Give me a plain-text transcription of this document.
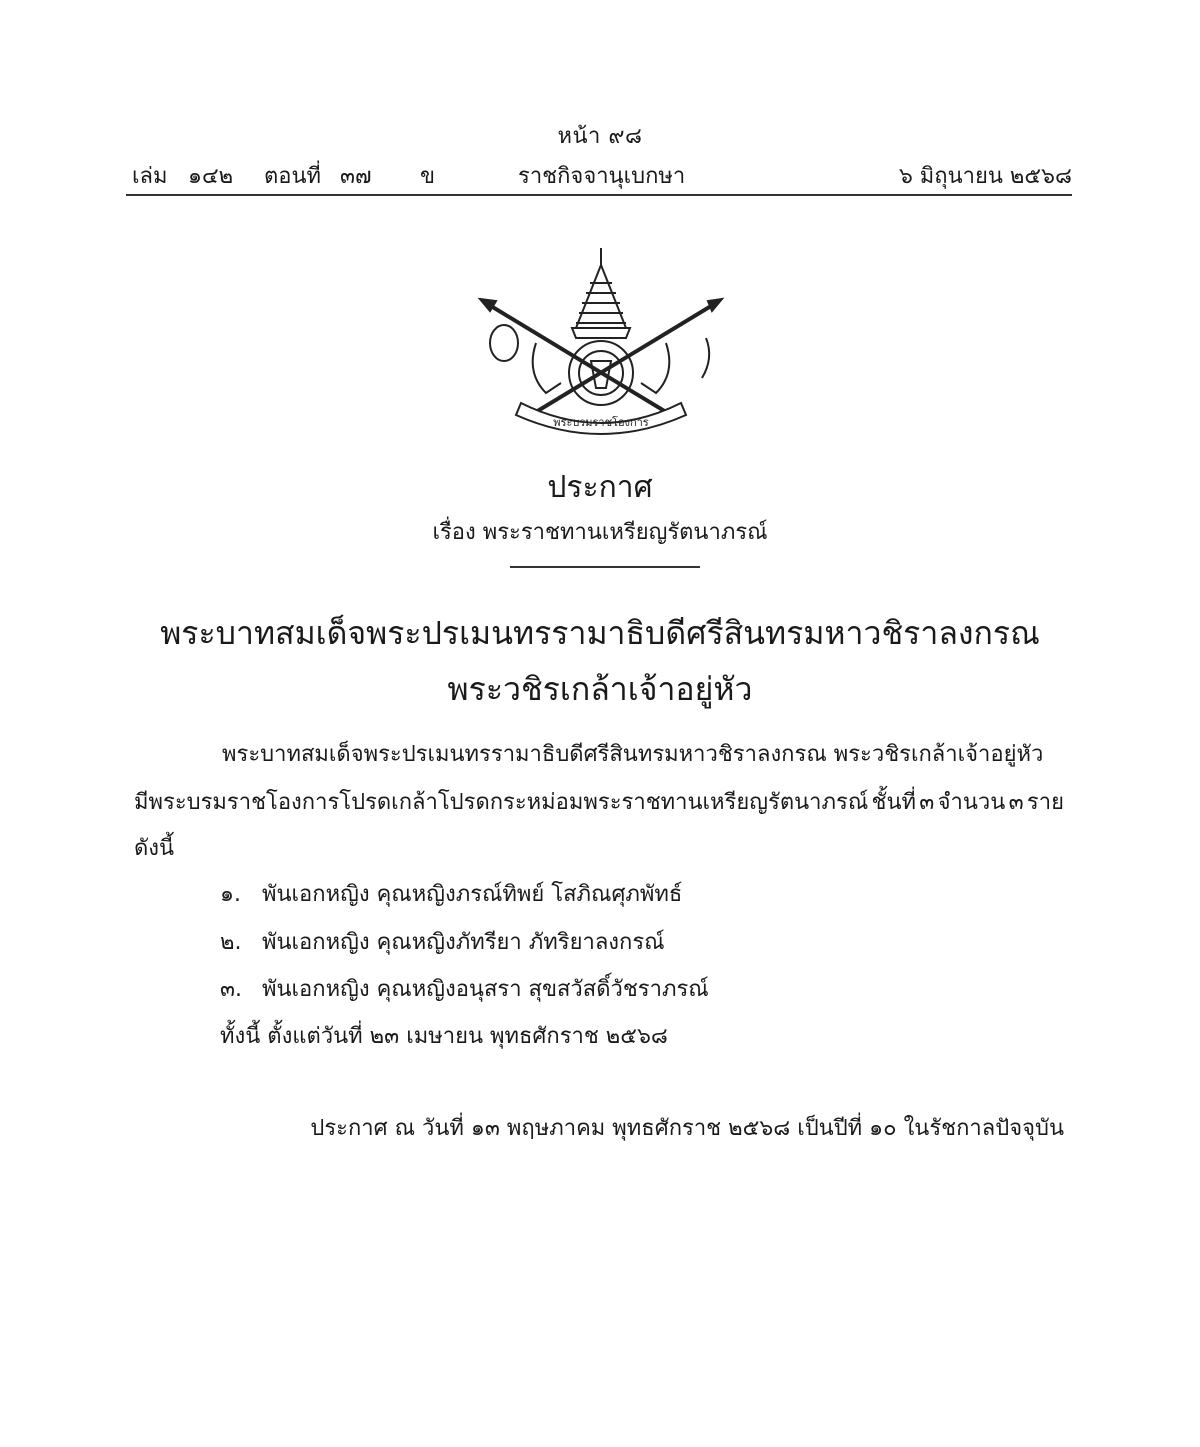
หน้า ๙๘
เล่ม ๑๔๒ ตอนที่ ๓๗ ข	ราชกิจจานุเบกษา	๖ มิถุนายน ๒๕๖๘
พระบรมราชโองการ
ประกาศ
เรื่อง พระราชทานเหรียญรัตนาภรณ์
พระบาทสมเด็จพระปรเมนทรรามาธิบดีศรีสินทรมหาวชิราลงกรณ
พระวชิรเกล้าเจ้าอยู่หัว
พระบาทสมเด็จพระปรเมนทรรามาธิบดีศรีสินทรมหาวชิราลงกรณ พระวชิรเกล้าเจ้าอยู่หัว
มีพระบรมราชโองการโปรดเกล้าโปรดกระหม่อมพระราชทานเหรียญรัตนาภรณ์ ชั้นที่ ๓ จำนวน ๓ ราย
ดังนี้
๑. พันเอกหญิง คุณหญิงภรณ์ทิพย์ โสภิณศุภพัทธ์
๒. พันเอกหญิง คุณหญิงภัทรียา ภัทริยาลงกรณ์
๓. พันเอกหญิง คุณหญิงอนุสรา สุขสวัสดิ์วัชราภรณ์
ทั้งนี้ ตั้งแต่วันที่ ๒๓ เมษายน พุทธศักราช ๒๕๖๘
ประกาศ ณ วันที่ ๑๓ พฤษภาคม พุทธศักราช ๒๕๖๘ เป็นปีที่ ๑๐ ในรัชกาลปัจจุบัน
